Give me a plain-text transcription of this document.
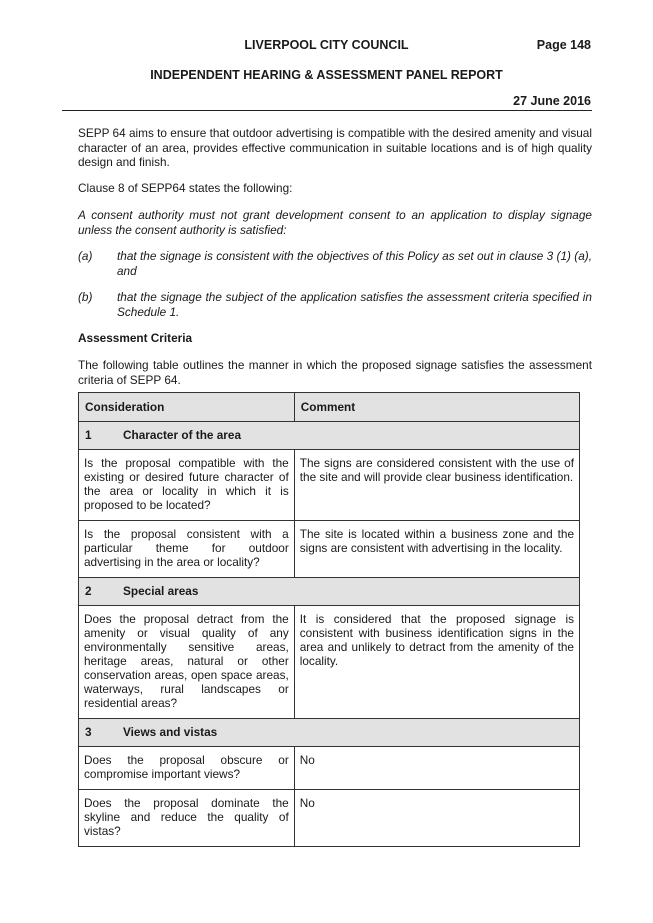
LIVERPOOL CITY COUNCIL	Page 148
INDEPENDENT HEARING & ASSESSMENT PANEL REPORT
27 June 2016
SEPP 64 aims to ensure that outdoor advertising is compatible with the desired amenity and visual character of an area, provides effective communication in suitable locations and is of high quality design and finish.
Clause 8 of SEPP64 states the following:
A consent authority must not grant development consent to an application to display signage unless the consent authority is satisfied:
(a) that the signage is consistent with the objectives of this Policy as set out in clause 3 (1) (a), and
(b) that the signage the subject of the application satisfies the assessment criteria specified in Schedule 1.
Assessment Criteria
The following table outlines the manner in which the proposed signage satisfies the assessment criteria of SEPP 64.
Consideration	Comment
1 Character of the area	
Is the proposal compatible with the existing or desired future character of the area or locality in which it is proposed to be located?	The signs are considered consistent with the use of the site and will provide clear business identification.
Is the proposal consistent with a particular theme for outdoor advertising in the area or locality?	The site is located within a business zone and the signs are consistent with advertising in the locality.
2 Special areas	
Does the proposal detract from the amenity or visual quality of any environmentally sensitive areas, heritage areas, natural or other conservation areas, open space areas, waterways, rural landscapes or residential areas?	It is considered that the proposed signage is consistent with business identification signs in the area and unlikely to detract from the amenity of the locality.
3 Views and vistas	
Does the proposal obscure or compromise important views?	No
Does the proposal dominate the skyline and reduce the quality of vistas?	No
